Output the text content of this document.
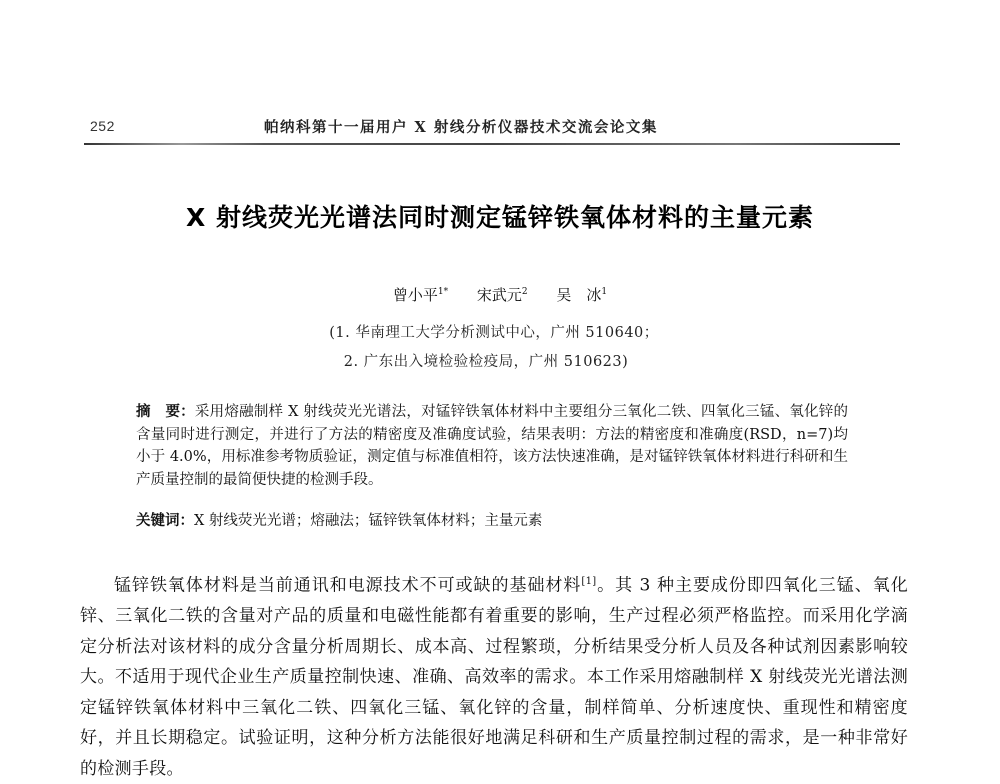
252	帕纳科第十一届用户 X 射线分析仪器技术交流会论文集
X 射线荧光光谱法同时测定锰锌铁氧体材料的主量元素
曾小平$^{1*}$ 宋武元$^2$ 吴　冰$^1$
(1. 华南理工大学分析测试中心，广州 510640；
2. 广东出入境检验检疫局，广州 510623)
摘　要：采用熔融制样 X 射线荧光光谱法，对锰锌铁氧体材料中主要组分三氧化二铁、四氧化三锰、氧化锌的含量同时进行测定，并进行了方法的精密度及准确度试验，结果表明：方法的精密度和准确度(RSD，n=7)均小于 4.0%，用标准参考物质验证，测定值与标准值相符，该方法快速准确，是对锰锌铁氧体材料进行科研和生产质量控制的最简便快捷的检测手段。
关键词：X 射线荧光光谱；熔融法；锰锌铁氧体材料；主量元素
锰锌铁氧体材料是当前通讯和电源技术不可或缺的基础材料[1]。其 3 种主要成份即四氧化三锰、氧化锌、三氧化二铁的含量对产品的质量和电磁性能都有着重要的影响，生产过程必须严格监控。而采用化学滴定分析法对该材料的成分含量分析周期长、成本高、过程繁琐，分析结果受分析人员及各种试剂因素影响较大。不适用于现代企业生产质量控制快速、准确、高效率的需求。本工作采用熔融制样 X 射线荧光光谱法测定锰锌铁氧体材料中三氧化二铁、四氧化三锰、氧化锌的含量，制样简单、分析速度快、重现性和精密度好，并且长期稳定。试验证明，这种分析方法能很好地满足科研和生产质量控制过程的需求，是一种非常好的检测手段。
